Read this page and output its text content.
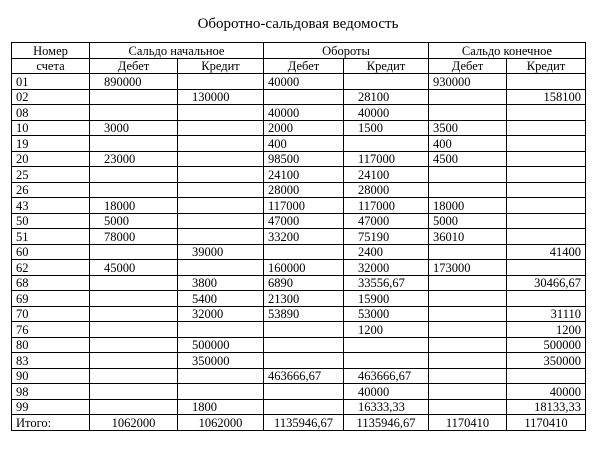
Оборотно-сальдовая ведомость
Номер	Сальдо начальное		Обороты		Сальдо конечное	
счета	Дебет	Кредит	Дебет	Кредит	Дебет	Кредит
01	890000		40000		930000	
02		130000		28100		158100
08			40000	40000		
10	3000		2000	1500	3500	
19			400		400	
20	23000		98500	117000	4500	
25			24100	24100		
26			28000	28000		
43	18000		117000	117000	18000	
50	5000		47000	47000	5000	
51	78000		33200	75190	36010	
60		39000		2400		41400
62	45000		160000	32000	173000	
68		3800	6890	33556,67		30466,67
69		5400	21300	15900		
70		32000	53890	53000		31110
76				1200		1200
80		500000				500000
83		350000				350000
90			463666,67	463666,67		
98				40000		40000
99		1800		16333,33		18133,33
Итого:	1062000	1062000	1135946,67	1135946,67	1170410	1170410
